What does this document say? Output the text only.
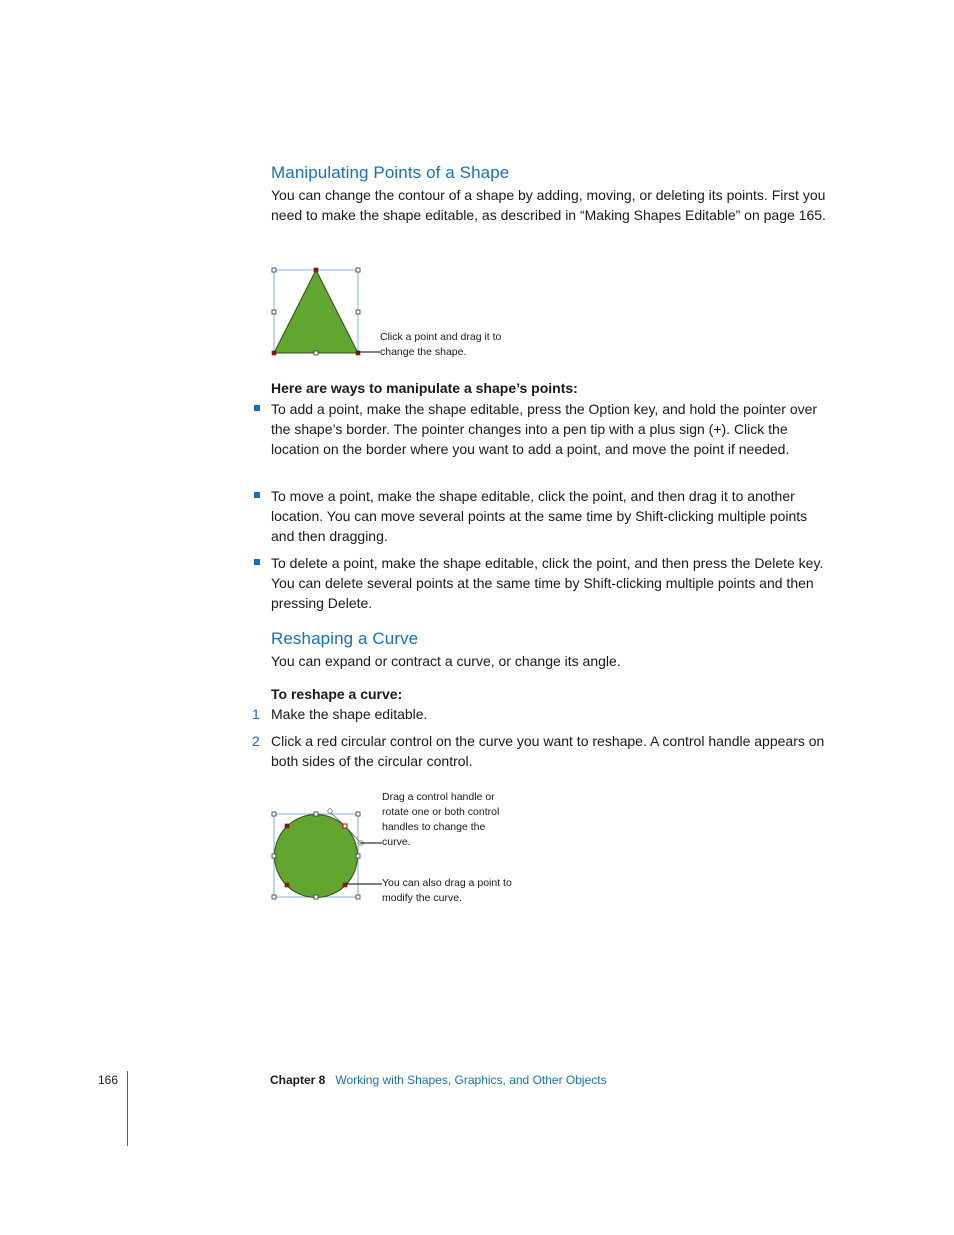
Manipulating Points of a Shape

You can change the contour of a shape by adding, moving, or deleting its points. First you need to make the shape editable, as described in “Making Shapes Editable” on page 165.

Click a point and drag it to change the shape.

Here are ways to manipulate a shape’s points:

To add a point, make the shape editable, press the Option key, and hold the pointer over the shape’s border. The pointer changes into a pen tip with a plus sign (+). Click the location on the border where you want to add a point, and move the point if needed.
To move a point, make the shape editable, click the point, and then drag it to another location. You can move several points at the same time by Shift-clicking multiple points and then dragging.
To delete a point, make the shape editable, click the point, and then press the Delete key. You can delete several points at the same time by Shift-clicking multiple points and then pressing Delete.
Reshaping a Curve

You can expand or contract a curve, or change its angle.

To reshape a curve:

1 Make the shape editable.
2 Click a red circular control on the curve you want to reshape. A control handle appears on both sides of the circular control.
Drag a control handle or rotate one or both control handles to change the curve.
You can also drag a point to modify the curve.
166	Chapter 8 Working with Shapes, Graphics, and Other Objects
